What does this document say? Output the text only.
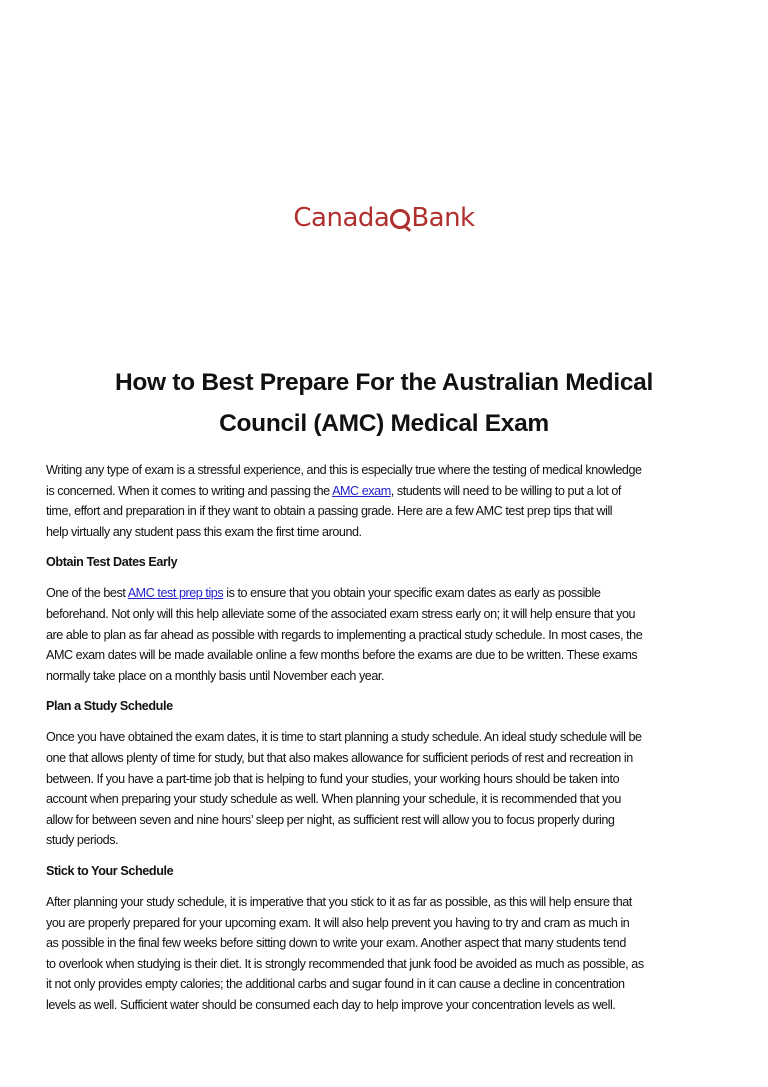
Canada Bank
How to Best Prepare For the Australian Medical
Council (AMC) Medical Exam
Writing any type of exam is a stressful experience, and this is especially true where the testing of medical knowledge
is concerned. When it comes to writing and passing the AMC exam, students will need to be willing to put a lot of
time, effort and preparation in if they want to obtain a passing grade. Here are a few AMC test prep tips that will
help virtually any student pass this exam the first time around.
Obtain Test Dates Early
One of the best AMC test prep tips is to ensure that you obtain your specific exam dates as early as possible
beforehand. Not only will this help alleviate some of the associated exam stress early on; it will help ensure that you
are able to plan as far ahead as possible with regards to implementing a practical study schedule. In most cases, the
AMC exam dates will be made available online a few months before the exams are due to be written. These exams
normally take place on a monthly basis until November each year.
Plan a Study Schedule
Once you have obtained the exam dates, it is time to start planning a study schedule. An ideal study schedule will be
one that allows plenty of time for study, but that also makes allowance for sufficient periods of rest and recreation in
between. If you have a part-time job that is helping to fund your studies, your working hours should be taken into
account when preparing your study schedule as well. When planning your schedule, it is recommended that you
allow for between seven and nine hours’ sleep per night, as sufficient rest will allow you to focus properly during
study periods.
Stick to Your Schedule
After planning your study schedule, it is imperative that you stick to it as far as possible, as this will help ensure that
you are properly prepared for your upcoming exam. It will also help prevent you having to try and cram as much in
as possible in the final few weeks before sitting down to write your exam. Another aspect that many students tend
to overlook when studying is their diet. It is strongly recommended that junk food be avoided as much as possible, as
it not only provides empty calories; the additional carbs and sugar found in it can cause a decline in concentration
levels as well. Sufficient water should be consumed each day to help improve your concentration levels as well.
